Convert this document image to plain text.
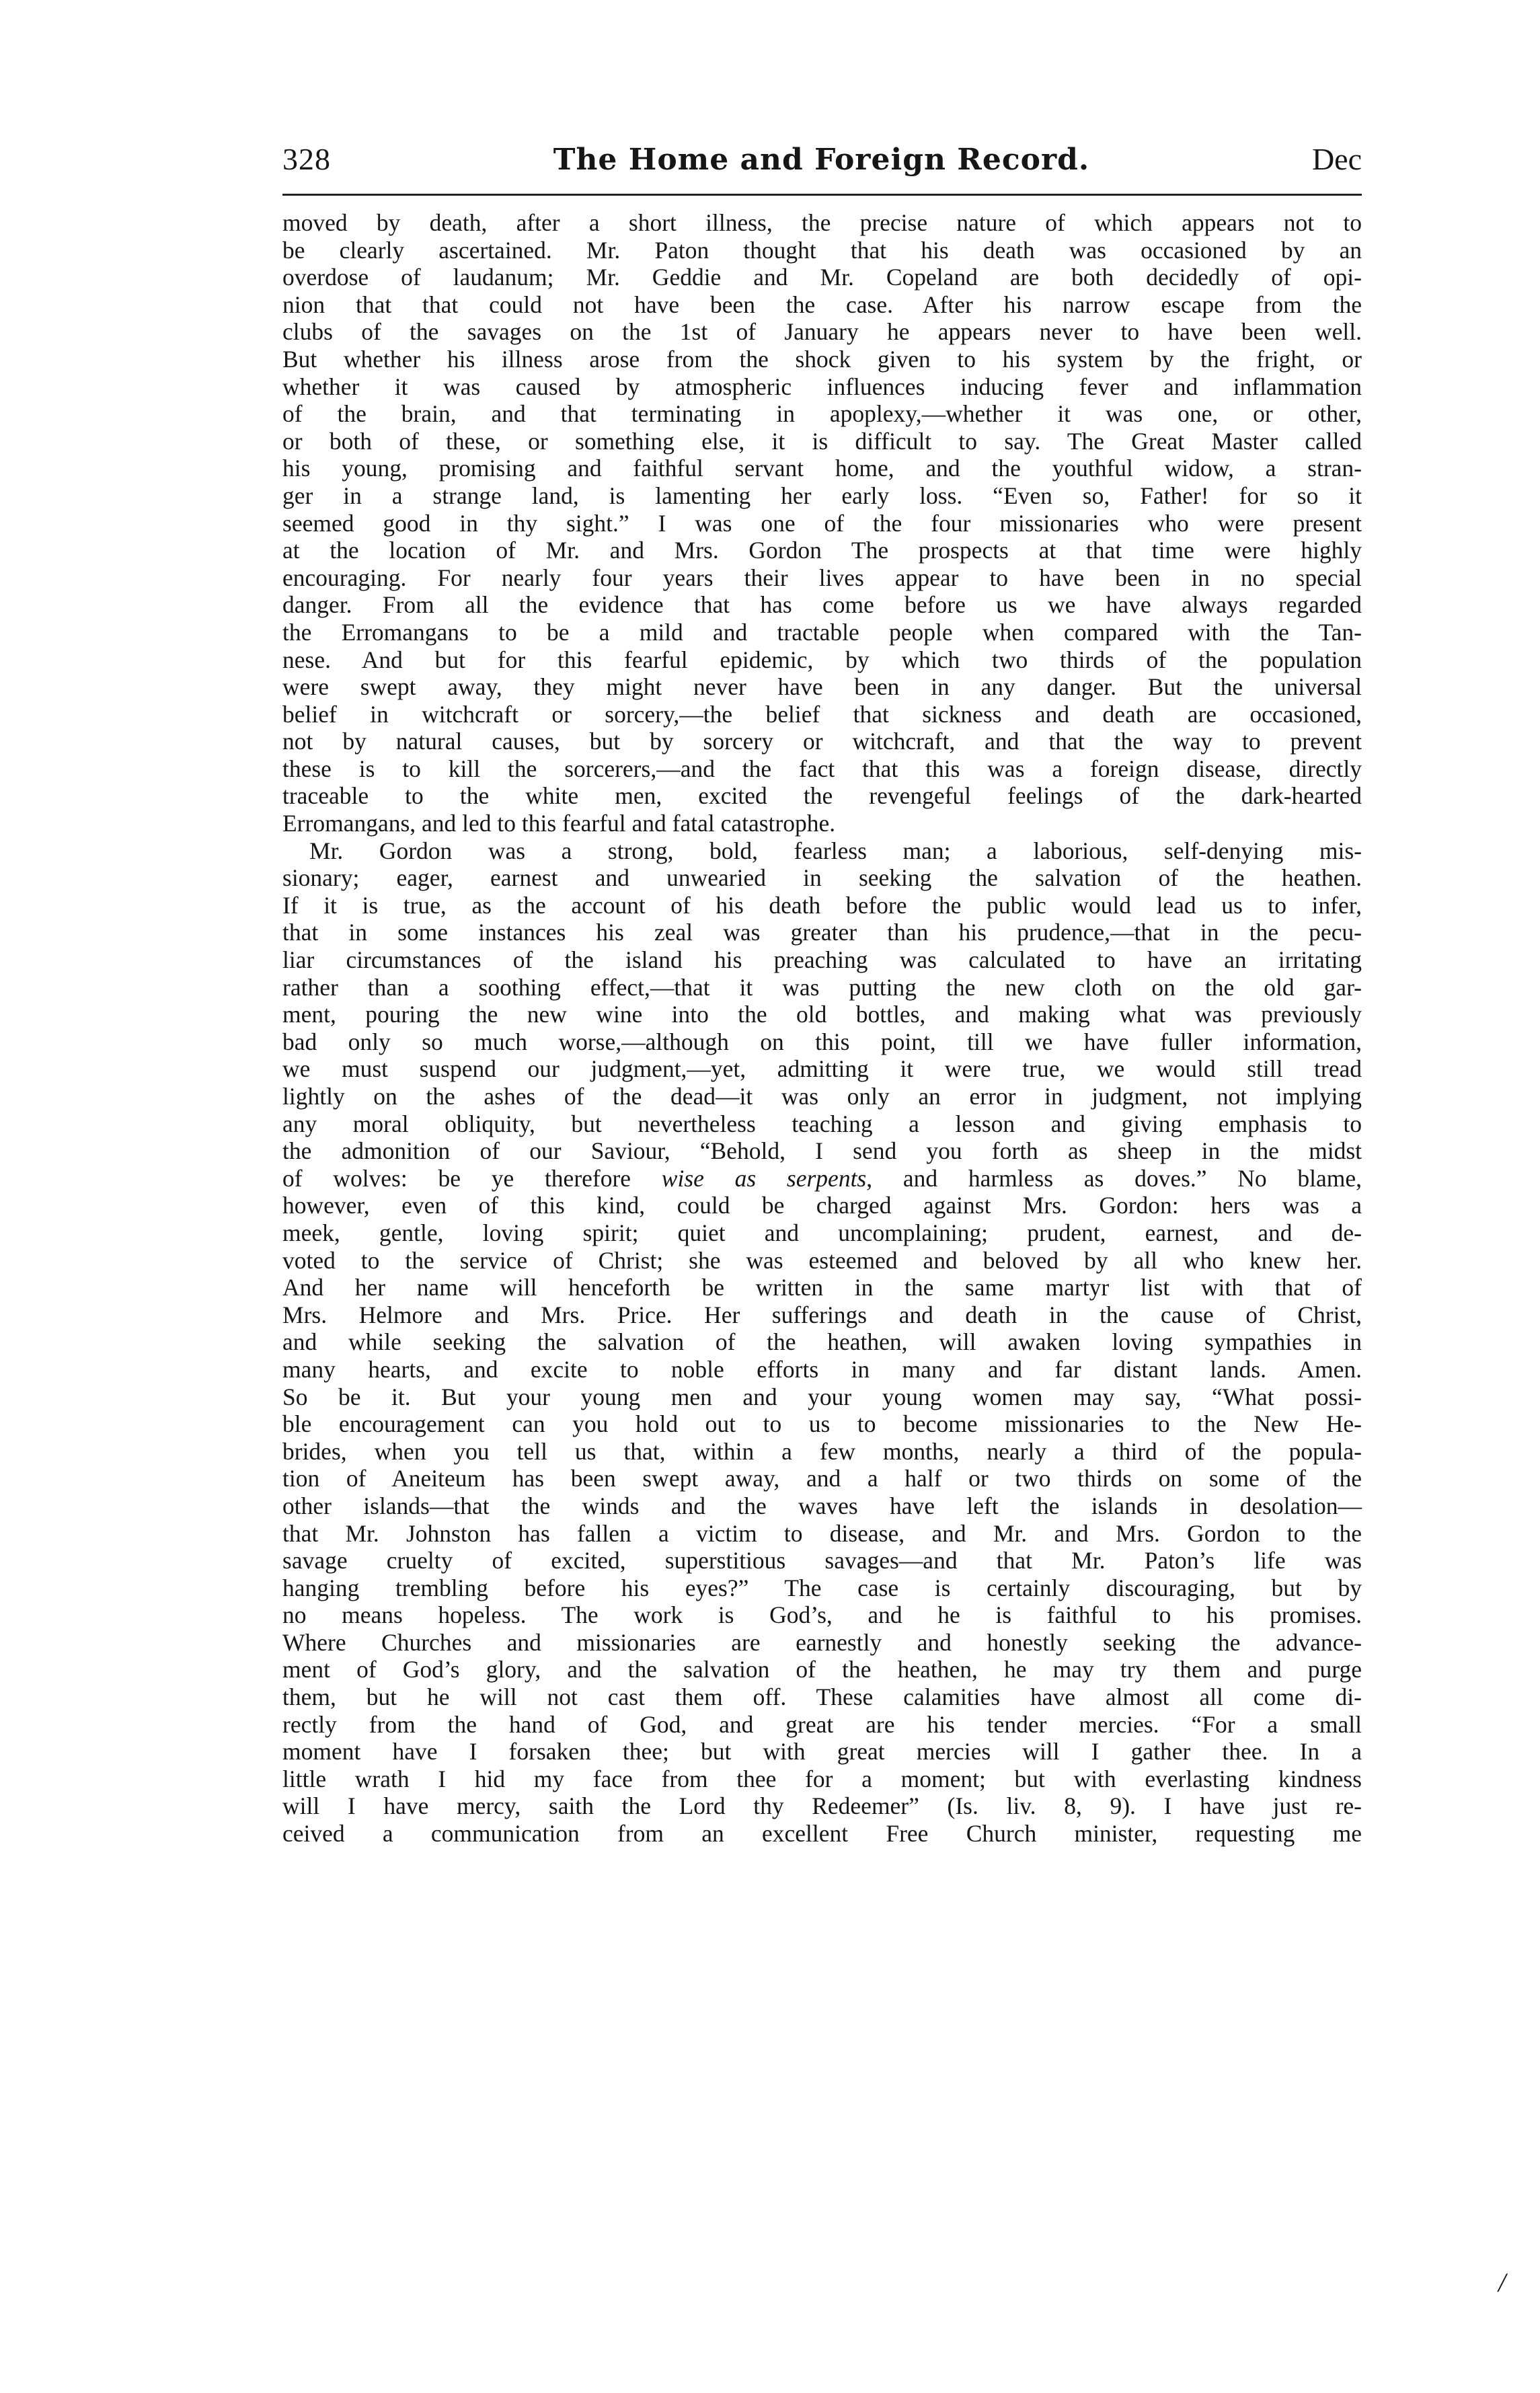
328	The Home and Foreign Record.	Dec

moved by death, after a short illness, the precise nature of which appears not to
be clearly ascertained. Mr. Paton thought that his death was occasioned by an
overdose of laudanum; Mr. Geddie and Mr. Copeland are both decidedly of opi-
nion that that could not have been the case. After his narrow escape from the
clubs of the savages on the 1st of January he appears never to have been well.
But whether his illness arose from the shock given to his system by the fright, or
whether it was caused by atmospheric influences inducing fever and inflammation
of the brain, and that terminating in apoplexy,—whether it was one, or other,
or both of these, or something else, it is difficult to say. The Great Master called
his young, promising and faithful servant home, and the youthful widow, a stran-
ger in a strange land, is lamenting her early loss. “Even so, Father! for so it
seemed good in thy sight.” I was one of the four missionaries who were present
at the location of Mr. and Mrs. Gordon The prospects at that time were highly
encouraging. For nearly four years their lives appear to have been in no special
danger. From all the evidence that has come before us we have always regarded
the Erromangans to be a mild and tractable people when compared with the Tan-
nese. And but for this fearful epidemic, by which two thirds of the population
were swept away, they might never have been in any danger. But the universal
belief in witchcraft or sorcery,—the belief that sickness and death are occasioned,
not by natural causes, but by sorcery or witchcraft, and that the way to prevent
these is to kill the sorcerers,—and the fact that this was a foreign disease, directly
traceable to the white men, excited the revengeful feelings of the dark-hearted
Erromangans, and led to this fearful and fatal catastrophe.

Mr. Gordon was a strong, bold, fearless man; a laborious, self-denying mis-
sionary; eager, earnest and unwearied in seeking the salvation of the heathen.
If it is true, as the account of his death before the public would lead us to infer,
that in some instances his zeal was greater than his prudence,—that in the pecu-
liar circumstances of the island his preaching was calculated to have an irritating
rather than a soothing effect,—that it was putting the new cloth on the old gar-
ment, pouring the new wine into the old bottles, and making what was previously
bad only so much worse,—although on this point, till we have fuller information,
we must suspend our judgment,—yet, admitting it were true, we would still tread
lightly on the ashes of the dead—it was only an error in judgment, not implying
any moral obliquity, but nevertheless teaching a lesson and giving emphasis to
the admonition of our Saviour, “Behold, I send you forth as sheep in the midst
of wolves: be ye therefore wise as serpents, and harmless as doves.” No blame,
however, even of this kind, could be charged against Mrs. Gordon: hers was a
meek, gentle, loving spirit; quiet and uncomplaining; prudent, earnest, and de-
voted to the service of Christ; she was esteemed and beloved by all who knew her.
And her name will henceforth be written in the same martyr list with that of
Mrs. Helmore and Mrs. Price. Her sufferings and death in the cause of Christ,
and while seeking the salvation of the heathen, will awaken loving sympathies in
many hearts, and excite to noble efforts in many and far distant lands. Amen.
So be it. But your young men and your young women may say, “What possi-
ble encouragement can you hold out to us to become missionaries to the New He-
brides, when you tell us that, within a few months, nearly a third of the popula-
tion of Aneiteum has been swept away, and a half or two thirds on some of the
other islands—that the winds and the waves have left the islands in desolation—
that Mr. Johnston has fallen a victim to disease, and Mr. and Mrs. Gordon to the
savage cruelty of excited, superstitious savages—and that Mr. Paton’s life was
hanging trembling before his eyes?” The case is certainly discouraging, but by
no means hopeless. The work is God’s, and he is faithful to his promises.
Where Churches and missionaries are earnestly and honestly seeking the advance-
ment of God’s glory, and the salvation of the heathen, he may try them and purge
them, but he will not cast them off. These calamities have almost all come di-
rectly from the hand of God, and great are his tender mercies. “For a small
moment have I forsaken thee; but with great mercies will I gather thee. In a
little wrath I hid my face from thee for a moment; but with everlasting kindness
will I have mercy, saith the Lord thy Redeemer” (Is. liv. 8, 9). I have just re-
ceived a communication from an excellent Free Church minister, requesting me

/
